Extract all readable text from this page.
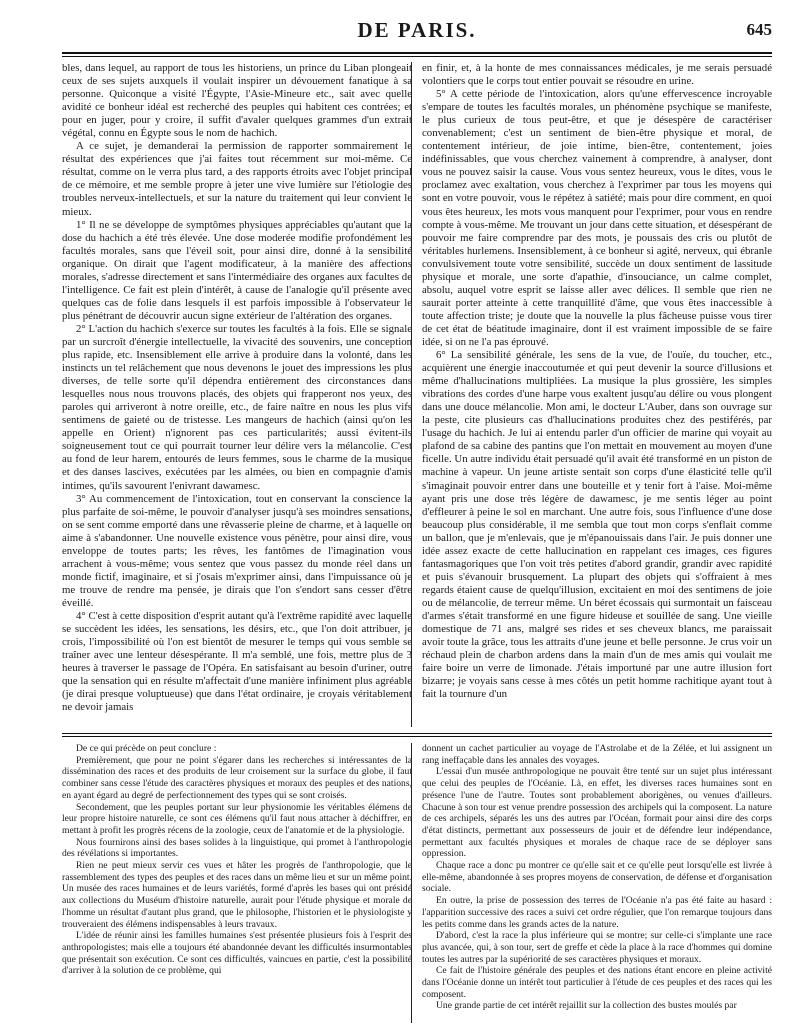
DE PARIS.	645

bles, dans lequel, au rapport de tous les historiens, un prince du Liban plongeait ceux de ses sujets auxquels il voulait inspirer un dévouement fanatique à sa personne. Quiconque a visité l'Égypte, l'Asie-Mineure etc., sait avec quelle avidité ce bonheur idéal est recherché des peuples qui habitent ces contrées; et pour en juger, pour y croire, il suffit d'avaler quelques grammes d'un extrait végétal, connu en Égypte sous le nom de hachich.

A ce sujet, je demanderai la permission de rapporter sommairement le résultat des expériences que j'ai faites tout récemment sur moi-même. Ce résultat, comme on le verra plus tard, a des rapports étroits avec l'objet principal de ce mémoire, et me semble propre à jeter une vive lumière sur l'étiologie des troubles nerveux-intellectuels, et sur la nature du traitement qui leur convient le mieux.

1° Il ne se développe de symptômes physiques appréciables qu'autant que la dose du hachich a été très élevée. Une dose moderée modifie profondément les facultés morales, sans que l'éveil soit, pour ainsi dire, donné à la sensibilité organique. On dirait que l'agent modificateur, à la manière des affections morales, s'adresse directement et sans l'intermédiaire des organes aux facultes de l'intelligence. Ce fait est plein d'intérêt, à cause de l'analogie qu'il présente avec quelques cas de folie dans lesquels il est parfois impossible à l'observateur le plus pénétrant de découvrir aucun signe extérieur de l'altération des organes.

2° L'action du hachich s'exerce sur toutes les facultés à la fois. Elle se signale par un surcroît d'énergie intellectuelle, la vivacité des souvenirs, une conception plus rapide, etc. Insensiblement elle arrive à produire dans la volonté, dans les instincts un tel relâchement que nous devenons le jouet des impressions les plus diverses, de telle sorte qu'il dépendra entièrement des circonstances dans lesquelles nous nous trouvons placés, des objets qui frapperont nos yeux, des paroles qui arriveront à notre oreille, etc., de faire naître en nous les plus vifs sentimens de gaieté ou de tristesse. Les mangeurs de hachich (ainsi qu'on les appelle en Orient) n'ignorent pas ces particularités; aussi évitent-ils soigneusement tout ce qui pourrait tourner leur délire vers la mélancolie. C'est au fond de leur harem, entourés de leurs femmes, sous le charme de la musique et des danses lascives, exécutées par les almées, ou bien en compagnie d'amis intimes, qu'ils savourent l'enivrant dawamesc.

3° Au commencement de l'intoxication, tout en conservant la conscience la plus parfaite de soi-même, le pouvoir d'analyser jusqu'à ses moindres sensations, on se sent comme emporté dans une rêvasserie pleine de charme, et à laquelle on aime à s'abandonner. Une nouvelle existence vous pénètre, pour ainsi dire, vous enveloppe de toutes parts; les rêves, les fantômes de l'imagination vous arrachent à vous-même; vous sentez que vous passez du monde réel dans un monde fictif, imaginaire, et si j'osais m'exprimer ainsi, dans l'impuissance où je me trouve de rendre ma pensée, je dirais que l'on s'endort sans cesser d'être éveillé.

4° C'est à cette disposition d'esprit autant qu'à l'extrême rapidité avec laquelle se succèdent les idées, les sensations, les désirs, etc., que l'on doit attribuer, je crois, l'impossibilité où l'on est bientôt de mesurer le temps qui vous semble se traîner avec une lenteur désespérante. Il m'a semblé, une fois, mettre plus de 3 heures à traverser le passage de l'Opéra. En satisfaisant au besoin d'uriner, outre que la sensation qui en résulte m'affectait d'une manière infiniment plus agréable (je dirai presque voluptueuse) que dans l'état ordinaire, je croyais véritablement ne devoir jamais

en finir, et, à la honte de mes connaissances médicales, je me serais persuadé volontiers que le corps tout entier pouvait se résoudre en urine.

5° A cette période de l'intoxication, alors qu'une effervescence incroyable s'empare de toutes les facultés morales, un phénomène psychique se manifeste, le plus curieux de tous peut-être, et que je désespère de caractériser convenablement; c'est un sentiment de bien-être physique et moral, de contentement intérieur, de joie intime, bien-être, contentement, joies indéfinissables, que vous cherchez vainement à comprendre, à analyser, dont vous ne pouvez saisir la cause. Vous vous sentez heureux, vous le dites, vous le proclamez avec exaltation, vous cherchez à l'exprimer par tous les moyens qui sont en votre pouvoir, vous le répétez à satiété; mais pour dire comment, en quoi vous êtes heureux, les mots vous manquent pour l'exprimer, pour vous en rendre compte à vous-même. Me trouvant un jour dans cette situation, et désespérant de pouvoir me faire comprendre par des mots, je poussais des cris ou plutôt de véritables hurlemens. Insensiblement, à ce bonheur si agité, nerveux, qui ébranle convulsivement toute votre sensibilité, succède un doux sentiment de lassitude physique et morale, une sorte d'apathie, d'insouciance, un calme complet, absolu, auquel votre esprit se laisse aller avec délices. Il semble que rien ne saurait porter atteinte à cette tranquillité d'âme, que vous êtes inaccessible à toute affection triste; je doute que la nouvelle la plus fâcheuse puisse vous tirer de cet état de béatitude imaginaire, dont il est vraiment impossible de se faire idée, si on ne l'a pas éprouvé.

6° La sensibilité générale, les sens de la vue, de l'ouïe, du toucher, etc., acquièrent une énergie inaccoutumée et qui peut devenir la source d'illusions et même d'hallucinations multipliées. La musique la plus grossière, les simples vibrations des cordes d'une harpe vous exaltent jusqu'au délire ou vous plongent dans une douce mélancolie. Mon ami, le docteur L'Auber, dans son ouvrage sur la peste, cite plusieurs cas d'hallucinations produites chez des pestiférés, par l'usage du hachich. Je lui ai entendu parler d'un officier de marine qui voyait au plafond de sa cabine des pantins que l'on mettait en mouvement au moyen d'une ficelle. Un autre individu était persuadé qu'il avait été transformé en un piston de machine à vapeur. Un jeune artiste sentait son corps d'une élasticité telle qu'il s'imaginait pouvoir entrer dans une bouteille et y tenir fort à l'aise. Moi-même ayant pris une dose très légère de dawamesc, je me sentis léger au point d'effleurer à peine le sol en marchant. Une autre fois, sous l'influence d'une dose beaucoup plus considérable, il me sembla que tout mon corps s'enflait comme un ballon, que je m'enlevais, que je m'épanouissais dans l'air. Je puis donner une idée assez exacte de cette hallucination en rappelant ces images, ces figures fantasmagoriques que l'on voit très petites d'abord grandir, grandir avec rapidité et puis s'évanouir brusquement. La plupart des objets qui s'offraient à mes regards étaient cause de quelqu'illusion, excitaient en moi des sentimens de joie ou de mélancolie, de terreur même. Un béret écossais qui surmontait un faisceau d'armes s'était transformé en une figure hideuse et souillée de sang. Une vieille domestique de 71 ans, malgré ses rides et ses cheveux blancs, me paraissait avoir toute la grâce, tous les attraits d'une jeune et belle personne. Je crus voir un réchaud plein de charbon ardens dans la main d'un de mes amis qui voulait me faire boire un verre de limonade. J'étais importuné par une autre illusion fort bizarre; je voyais sans cesse à mes côtés un petit homme rachitique ayant tout à fait la tournure d'un

De ce qui précède on peut conclure :

Premièrement, que pour ne point s'égarer dans les recherches si intéressantes de la dissémination des races et des produits de leur croisement sur la surface du globe, il faut combiner sans cesse l'étude des caractères physiques et moraux des peuples et des nations, en ayant égard au degré de perfectionnement des types qui se sont croisés.

Secondement, que les peuples portant sur leur physionomie les véritables élémens de leur propre histoire naturelle, ce sont ces élémens qu'il faut nous attacher à déchiffrer, en mettant à profit les progrès récens de la zoologie, ceux de l'anatomie et de la physiologie.

Nous fournirons ainsi des bases solides à la linguistique, qui promet à l'anthropologie des révélations si importantes.

Rien ne peut mieux servir ces vues et hâter les progrès de l'anthropologie, que le rassemblement des types des peuples et des races dans un même lieu et sur un même point. Un musée des races humaines et de leurs variétés, formé d'après les bases qui ont présidé aux collections du Muséum d'histoire naturelle, aurait pour l'étude physique et morale de l'homme un résultat d'autant plus grand, que le philosophe, l'historien et le physiologiste y trouveraient des élémens indispensables à leurs travaux.

L'idée de réunir ainsi les familles humaines s'est présentée plusieurs fois à l'esprit des anthropologistes; mais elle a toujours été abandonnée devant les difficultés insurmontables que présentait son exécution. Ce sont ces difficultés, vaincues en partie, c'est la possibilité d'arriver à la solution de ce problème, qui

donnent un cachet particulier au voyage de l'Astrolabe et de la Zélée, et lui assignent un rang ineffaçable dans les annales des voyages.

L'essai d'un musée anthropologique ne pouvait être tenté sur un sujet plus intéressant que celui des peuples de l'Océanie. Là, en effet, les diverses races humaines sont en présence l'une de l'autre. Toutes sont probablement aborigènes, ou venues d'ailleurs. Chacune à son tour est venue prendre possession des archipels qui la composent. La nature de ces archipels, séparés les uns des autres par l'Océan, formait pour ainsi dire des corps d'état distincts, permettant aux possesseurs de jouir et de défendre leur indépendance, permettant aux facultés physiques et morales de chaque race de se déployer sans oppression.

Chaque race a donc pu montrer ce qu'elle sait et ce qu'elle peut lorsqu'elle est livrée à elle-même, abandonnée à ses propres moyens de conservation, de défense et d'organisation sociale.

En outre, la prise de possession des terres de l'Océanie n'a pas été faite au hasard : l'apparition successive des races a suivi cet ordre régulier, que l'on remarque toujours dans les petits comme dans les grands actes de la nature.

D'abord, c'est la race la plus inférieure qui se montre; sur celle-ci s'implante une race plus avancée, qui, à son tour, sert de greffe et cède la place à la race d'hommes qui domine toutes les autres par la supériorité de ses caractères physiques et moraux.

Ce fait de l'histoire générale des peuples et des nations étant encore en pleine activité dans l'Océanie donne un intérêt tout particulier à l'étude de ces peuples et des races qui les composent.

Une grande partie de cet intérêt rejaillit sur la collection des bustes moulés par
